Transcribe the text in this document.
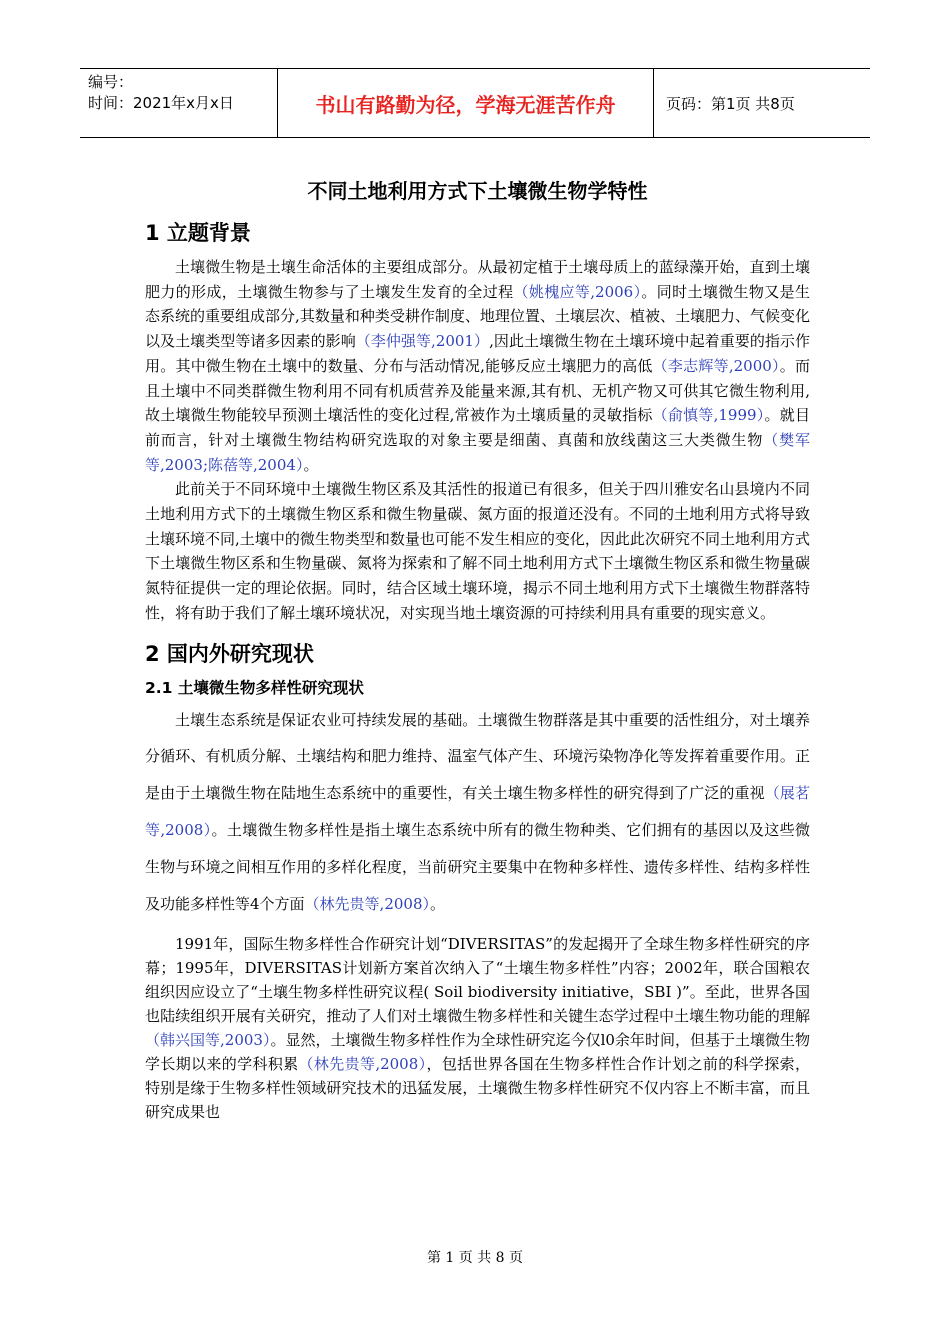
编号：
时间：2021年x月x日	书山有路勤为径，学海无涯苦作舟	页码：第1页 共8页
不同土地利用方式下土壤微生物学特性
1 立题背景

土壤微生物是土壤生命活体的主要组成部分。从最初定植于土壤母质上的蓝绿藻开始，直到土壤肥力的形成，土壤微生物参与了土壤发生发育的全过程（姚槐应等,2006）。同时土壤微生物又是生态系统的重要组成部分,其数量和种类受耕作制度、地理位置、土壤层次、植被、土壤肥力、气候变化以及土壤类型等诸多因素的影响（李仲强等,2001）,因此土壤微生物在土壤环境中起着重要的指示作用。其中微生物在土壤中的数量、分布与活动情况,能够反应土壤肥力的高低（李志辉等,2000）。而且土壤中不同类群微生物利用不同有机质营养及能量来源,其有机、无机产物又可供其它微生物利用,故土壤微生物能较早预测土壤活性的变化过程,常被作为土壤质量的灵敏指标（俞慎等,1999）。就目前而言，针对土壤微生物结构研究选取的对象主要是细菌、真菌和放线菌这三大类微生物（樊军等,2003;陈蓓等,2004）。

此前关于不同环境中土壤微生物区系及其活性的报道已有很多，但关于四川雅安名山县境内不同土地利用方式下的土壤微生物区系和微生物量碳、氮方面的报道还没有。不同的土地利用方式将导致土壤环境不同,土壤中的微生物类型和数量也可能不发生相应的变化，因此此次研究不同土地利用方式下土壤微生物区系和生物量碳、氮将为探索和了解不同土地利用方式下土壤微生物区系和微生物量碳氮特征提供一定的理论依据。同时，结合区域土壤环境，揭示不同土地利用方式下土壤微生物群落特性，将有助于我们了解土壤环境状况，对实现当地土壤资源的可持续利用具有重要的现实意义。

2 国内外研究现状
2.1 土壤微生物多样性研究现状

土壤生态系统是保证农业可持续发展的基础。土壤微生物群落是其中重要的活性组分，对土壤养分循环、有机质分解、土壤结构和肥力维持、温室气体产生、环境污染物净化等发挥着重要作用。正是由于土壤微生物在陆地生态系统中的重要性，有关土壤生物多样性的研究得到了广泛的重视（展茗等,2008）。土壤微生物多样性是指土壤生态系统中所有的微生物种类、它们拥有的基因以及这些微生物与环境之间相互作用的多样化程度，当前研究主要集中在物种多样性、遗传多样性、结构多样性及功能多样性等4个方面（林先贵等,2008）。

1991年，国际生物多样性合作研究计划“DIVERSITAS”的发起揭开了全球生物多样性研究的序幕；1995年，DIVERSITAS计划新方案首次纳入了“土壤生物多样性”内容；2002年，联合国粮农组织因应设立了“土壤生物多样性研究议程( Soil biodiversity initiative，SBI )”。至此，世界各国也陆续组织开展有关研究，推动了人们对土壤微生物多样性和关键生态学过程中土壤生物功能的理解（韩兴国等,2003）。显然，土壤微生物多样性作为全球性研究迄今仅l0余年时间，但基于土壤微生物学长期以来的学科积累（林先贵等,2008），包括世界各国在生物多样性合作计划之前的科学探索，特别是缘于生物多样性领域研究技术的迅猛发展，土壤微生物多样性研究不仅内容上不断丰富，而且研究成果也

第 1 页 共 8 页
